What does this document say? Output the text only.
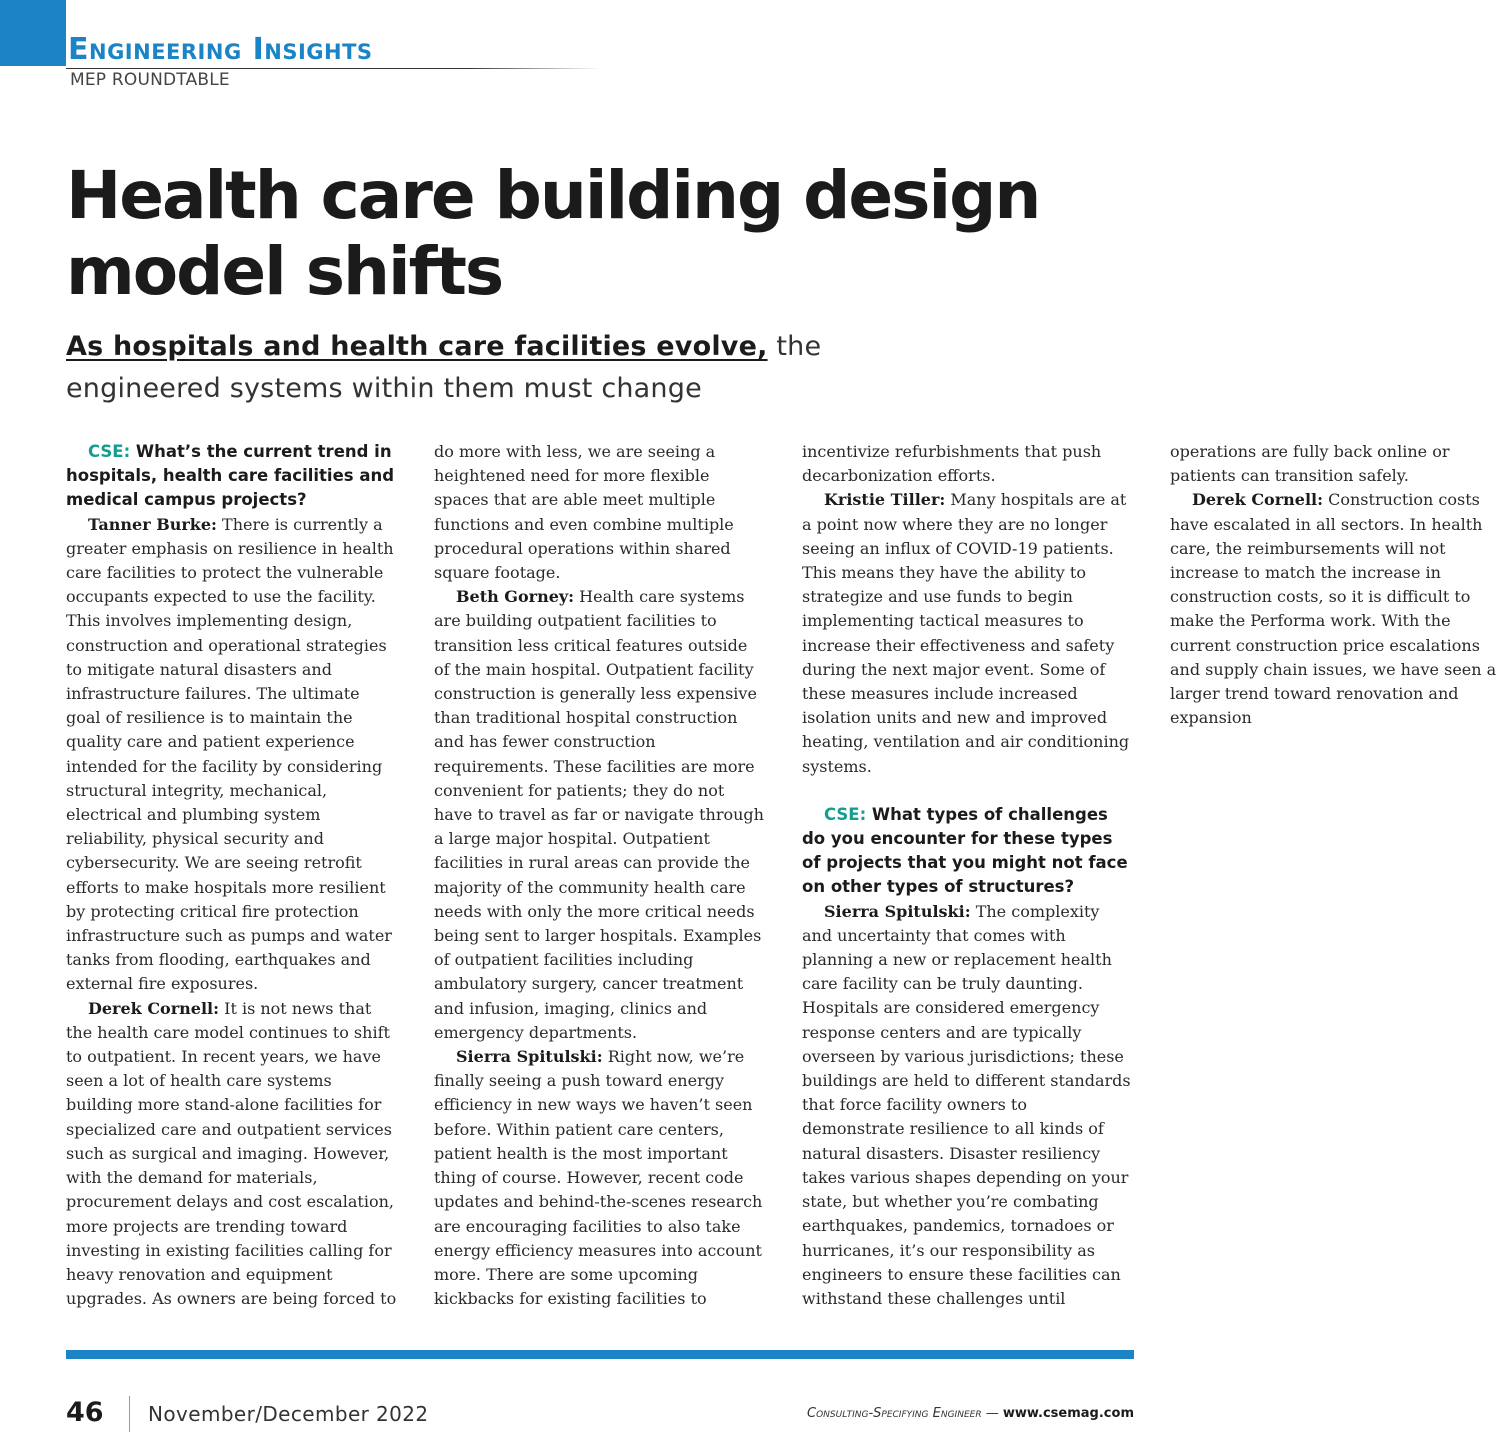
Engineering Insights
MEP ROUNDTABLE
Health care building design model shifts

As hospitals and health care facilities evolve, the engineered systems within them must change

CSE: What’s the current trend in hospitals, health care facilities and medical campus projects?

Tanner Burke: There is currently a greater emphasis on resilience in health care facilities to protect the vulnerable occupants expected to use the facility. This involves implementing design, construction and operational strategies to mitigate natural disasters and infrastructure failures. The ultimate goal of resilience is to maintain the quality care and patient experience intended for the facility by considering structural integrity, mechanical, electrical and plumbing system reliability, physical security and cybersecurity. We are seeing retrofit efforts to make hospitals more resilient by protecting critical fire protection infrastructure such as pumps and water tanks from flooding, earthquakes and external fire exposures.

Derek Cornell: It is not news that the health care model continues to shift to outpatient. In recent years, we have seen a lot of health care systems building more stand-alone facilities for specialized care and outpatient services such as surgical and imaging. However, with the demand for materials, procurement delays and cost escalation, more projects are trending toward investing in existing facilities calling for heavy renovation and equipment upgrades. As owners are being forced to do more with less, we are seeing a heightened need for more flexible spaces that are able meet multiple functions and even combine multiple procedural operations within shared square footage.

Beth Gorney: Health care systems are building outpatient facilities to transition less critical features outside of the main hospital. Outpatient facility construction is generally less expensive than traditional hospital construction and has fewer construction requirements. These facilities are more convenient for patients; they do not have to travel as far or navigate through a large major hospital. Outpatient facilities in rural areas can provide the majority of the community health care needs with only the more critical needs being sent to larger hospitals. Examples of outpatient facilities including ambulatory surgery, cancer treatment and infusion, imaging, clinics and emergency departments.

Sierra Spitulski: Right now, we’re finally seeing a push toward energy efficiency in new ways we haven’t seen before. Within patient care centers, patient health is the most important thing of course. However, recent code updates and behind-the-scenes research are encouraging facilities to also take energy efficiency measures into account more. There are some upcoming kickbacks for existing facilities to incentivize refurbishments that push decarbonization efforts.

Kristie Tiller: Many hospitals are at a point now where they are no longer seeing an influx of COVID-19 patients. This means they have the ability to strategize and use funds to begin implementing tactical measures to increase their effectiveness and safety during the next major event. Some of these measures include increased isolation units and new and improved heating, ventilation and air conditioning systems.

CSE: What types of challenges do you encounter for these types of projects that you might not face on other types of structures?

Sierra Spitulski: The complexity and uncertainty that comes with planning a new or replacement health care facility can be truly daunting. Hospitals are considered emergency response centers and are typically overseen by various jurisdictions; these buildings are held to different standards that force facility owners to demonstrate resilience to all kinds of natural disasters. Disaster resiliency takes various shapes depending on your state, but whether you’re combating earthquakes, pandemics, tornadoes or hurricanes, it’s our responsibility as engineers to ensure these facilities can withstand these challenges until operations are fully back online or patients can transition safely.

Derek Cornell: Construction costs have escalated in all sectors. In health care, the reimbursements will not increase to match the increase in construction costs, so it is difficult to make the Performa work. With the current construction price escalations and supply chain issues, we have seen a larger trend toward renovation and expansion

46 November/December 2022	Consulting-Specifying Engineer — www.csemag.com
